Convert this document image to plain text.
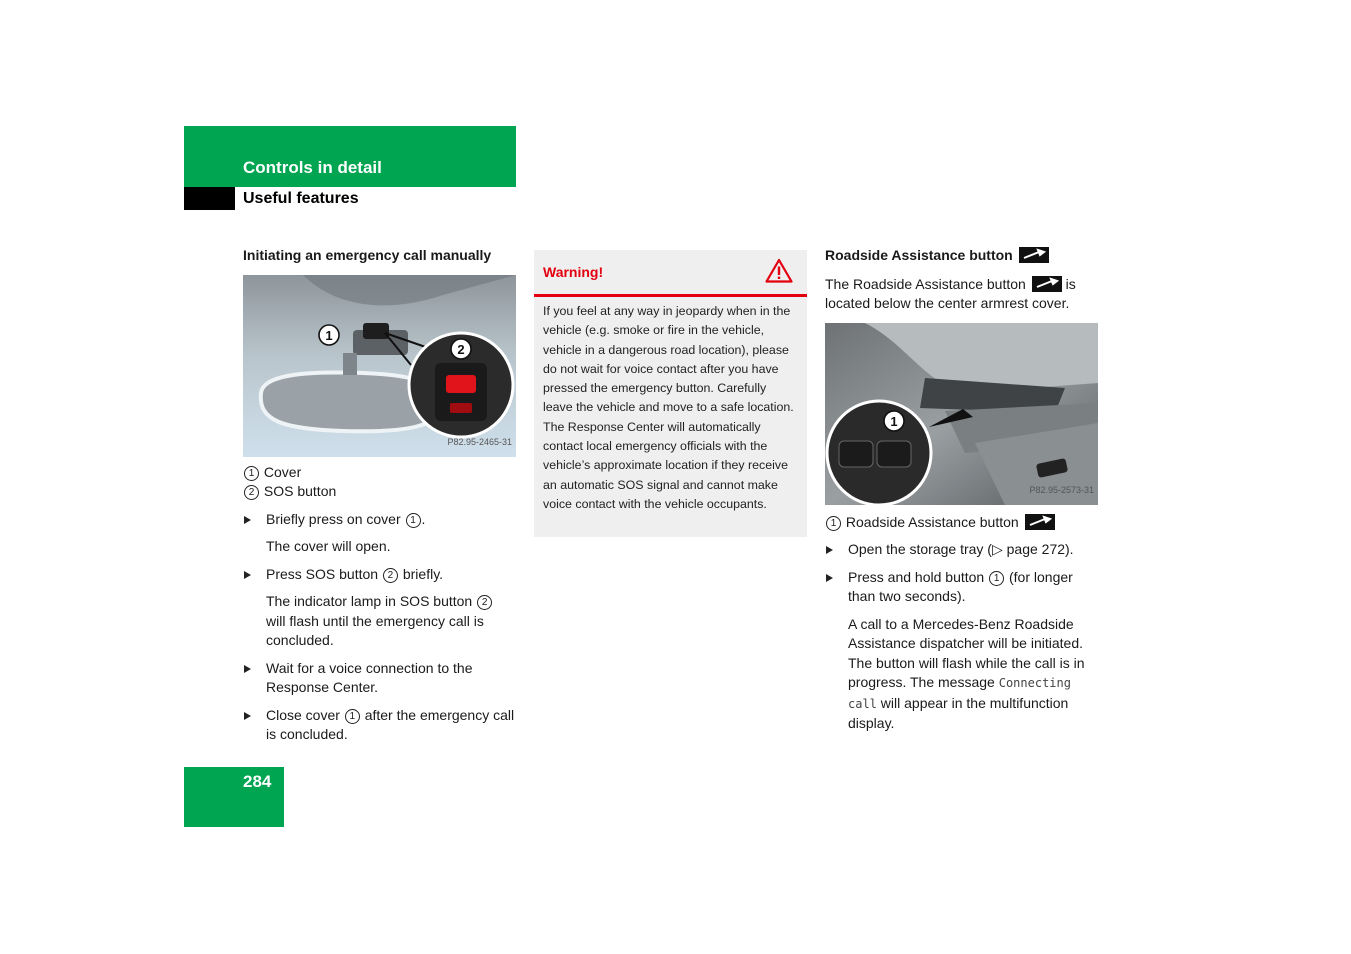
Controls in detail
Useful features
Initiating an emergency call manually
1
2
P82.95-2465-31
1 Cover
2 SOS button
Briefly press on cover 1 .
The cover will open.
Press SOS button 2 briefly.
The indicator lamp in SOS button 2 will flash until the emergency call is concluded.
Wait for a voice connection to the Response Center.
Close cover 1 after the emergency call is concluded.
Warning!
If you feel at any way in jeopardy when in the vehicle (e.g. smoke or fire in the vehicle, vehicle in a dangerous road location), please do not wait for voice contact after you have pressed the emergency button. Carefully leave the vehicle and move to a safe location. The Response Center will automatically contact local emergency officials with the vehicle’s approximate location if they receive an automatic SOS signal and cannot make voice contact with the vehicle occupants.
Roadside Assistance button
The Roadside Assistance button	is located below the center armrest cover.
1
P82.95-2573-31
1 Roadside Assistance button
Open the storage tray (▷ page 272).
Press and hold button 1 (for longer than two seconds).
A call to a Mercedes-Benz Roadside Assistance dispatcher will be initiated. The button will flash while the call is in progress. The message Connecting call will appear in the multifunction display.
284
